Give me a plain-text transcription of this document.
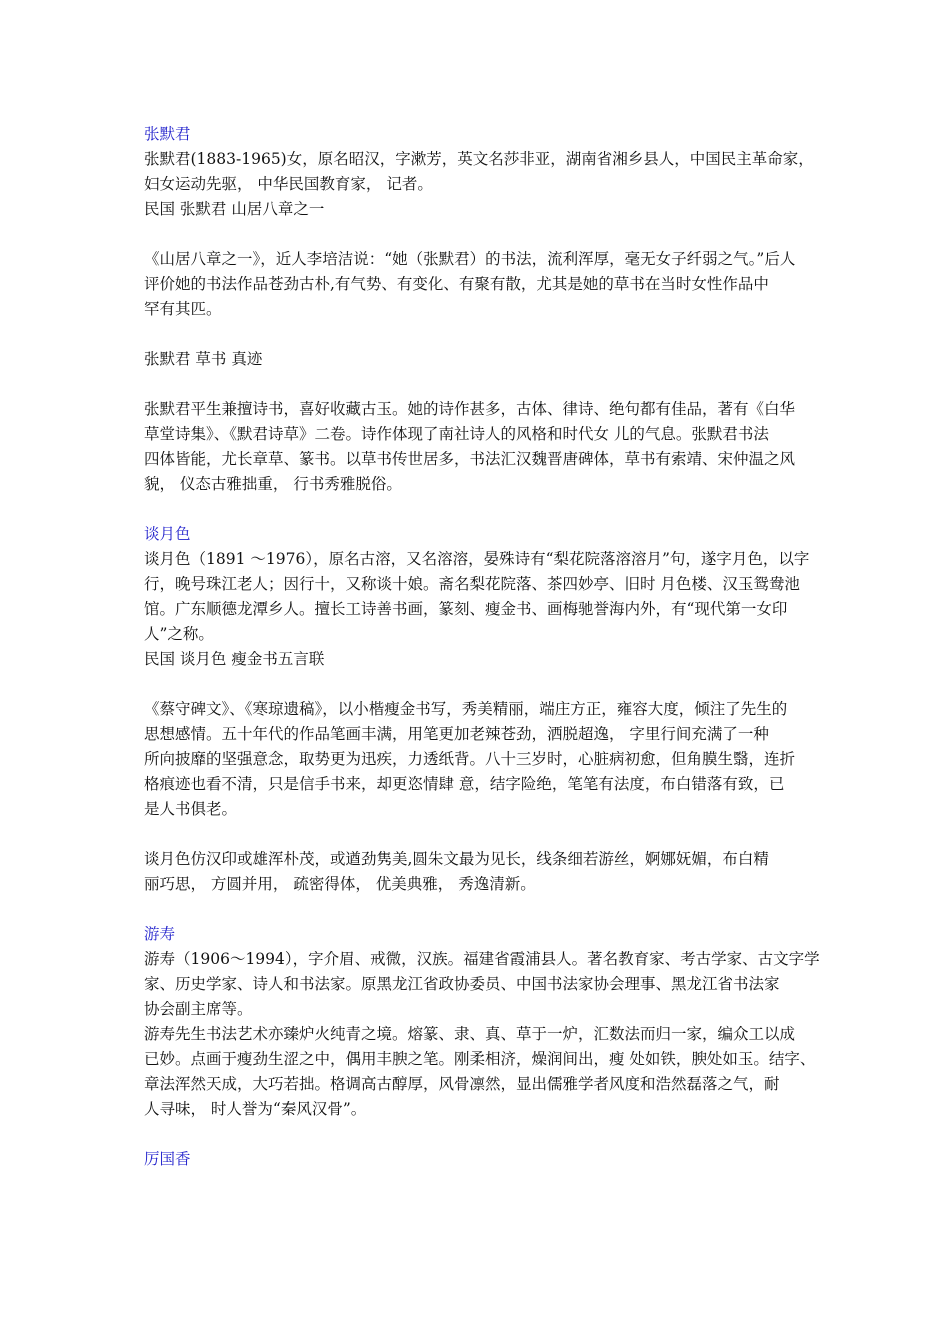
张默君
张默君(1883-1965)女，原名昭汉，字漱芳，英文名莎非亚，湖南省湘乡县人，中国民主革命家，
妇女运动先驱， 中华民国教育家， 记者。
民国 张默君 山居八章之一
《山居八章之一》，近人李培洁说：“她（张默君）的书法，流利浑厚，毫无女子纤弱之气。”后人
评价她的书法作品苍劲古朴,有气势、有变化、有聚有散，尤其是她的草书在当时女性作品中
罕有其匹。
张默君 草书 真迹
张默君平生兼擅诗书，喜好收藏古玉。她的诗作甚多，古体、律诗、绝句都有佳品，著有《白华
草堂诗集》、《默君诗草》二卷。诗作体现了南社诗人的风格和时代女 儿的气息。张默君书法
四体皆能，尤长章草、篆书。以草书传世居多，书法汇汉魏晋唐碑体，草书有索靖、宋仲温之风
貌， 仪态古雅拙重， 行书秀雅脱俗。
谈月色
谈月色（1891 ～1976），原名古溶，又名溶溶，晏殊诗有“梨花院落溶溶月”句，遂字月色，以字
行，晚号珠江老人；因行十，又称谈十娘。斋名梨花院落、茶四妙亭、旧时 月色楼、汉玉鸳鸯池
馆。广东顺德龙潭乡人。擅长工诗善书画，篆刻、瘦金书、画梅驰誉海内外，有“现代第一女印
人”之称。
民国 谈月色 瘦金书五言联
《蔡守碑文》、《寒琼遗稿》，以小楷瘦金书写，秀美精丽，端庄方正，雍容大度，倾注了先生的
思想感情。五十年代的作品笔画丰满，用笔更加老辣苍劲，洒脱超逸， 字里行间充满了一种
所向披靡的坚强意念，取势更为迅疾，力透纸背。八十三岁时，心脏病初愈，但角膜生翳，连折
格痕迹也看不清，只是信手书来，却更恣情肆 意，结字险绝，笔笔有法度，布白错落有致，已
是人书俱老。
谈月色仿汉印或雄浑朴茂，或遒劲隽美,圆朱文最为见长，线条细若游丝，婀娜妩媚，布白精
丽巧思， 方圆并用， 疏密得体， 优美典雅， 秀逸清新。
游寿
游寿（1906～1994），字介眉、戒微，汉族。福建省霞浦县人。著名教育家、考古学家、古文字学
家、历史学家、诗人和书法家。原黑龙江省政协委员、中国书法家协会理事、黑龙江省书法家
协会副主席等。
游寿先生书法艺术亦臻炉火纯青之境。熔篆、隶、真、草于一炉，汇数法而归一家，编众工以成
已妙。点画于瘦劲生涩之中，偶用丰腴之笔。刚柔相济，燥润间出，瘦 处如铁，腴处如玉。结字、
章法浑然天成，大巧若拙。格调高古醇厚，风骨凛然，显出儒雅学者风度和浩然磊落之气，耐
人寻味， 时人誉为“秦风汉骨”。
厉国香
